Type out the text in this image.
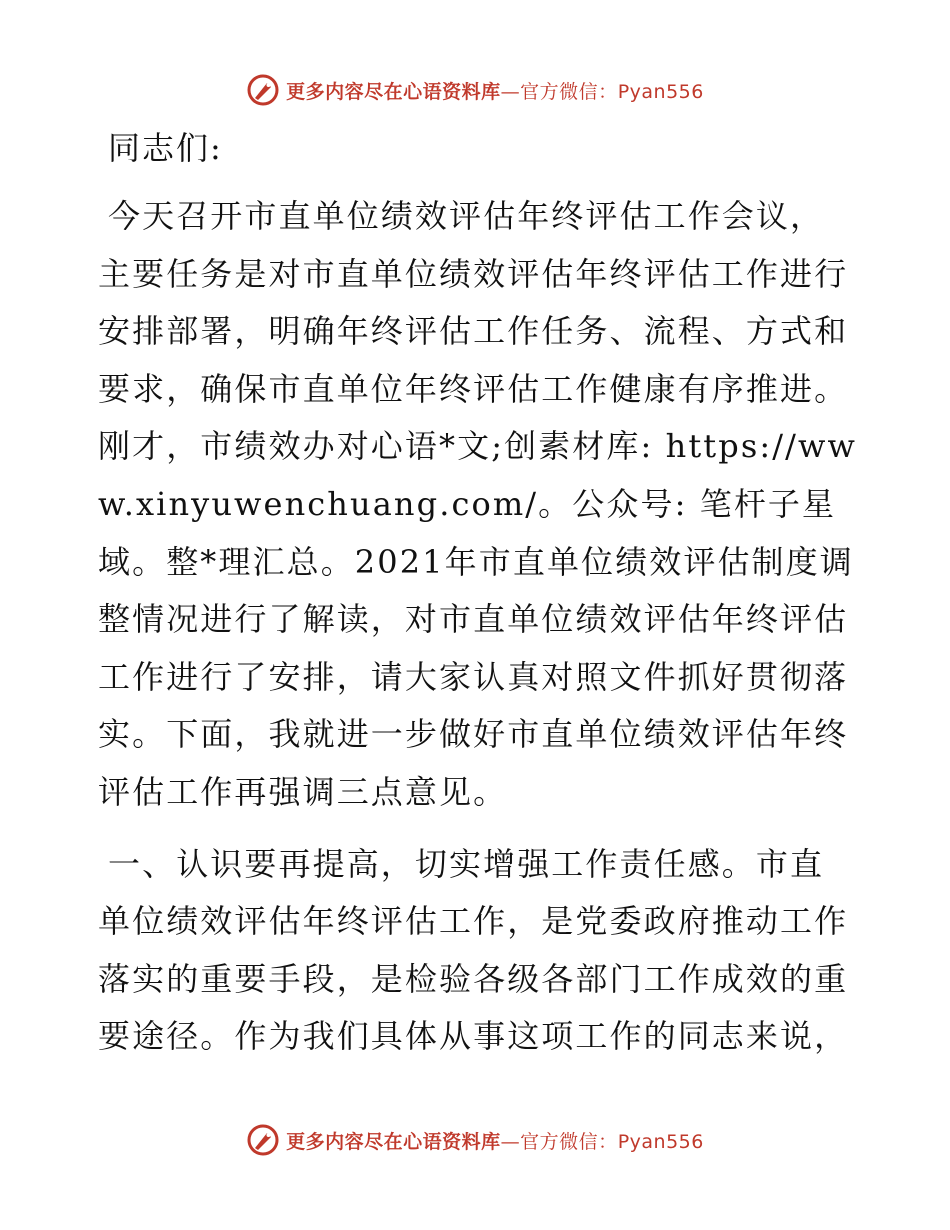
更多内容尽在心语资料库—官方微信：Pyan556
同志们:

今天召开市直单位绩效评估年终评估工作会议，主要任务是对市直单位绩效评估年终评估工作进行安排部署，明确年终评估工作任务、流程、方式和要求，确保市直单位年终评估工作健康有序推进。刚才，市绩效办对心语*文;创素材库: https://www.xinyuwenchuang.com/。公众号: 笔杆子星域。整*理汇总。2021年市直单位绩效评估制度调整情况进行了解读，对市直单位绩效评估年终评估工作进行了安排，请大家认真对照文件抓好贯彻落实。下面，我就进一步做好市直单位绩效评估年终评估工作再强调三点意见。

一、认识要再提高，切实增强工作责任感。市直单位绩效评估年终评估工作，是党委政府推动工作落实的重要手段，是检验各级各部门工作成效的重要途径。作为我们具体从事这项工作的同志来说，

更多内容尽在心语资料库—官方微信：Pyan556
